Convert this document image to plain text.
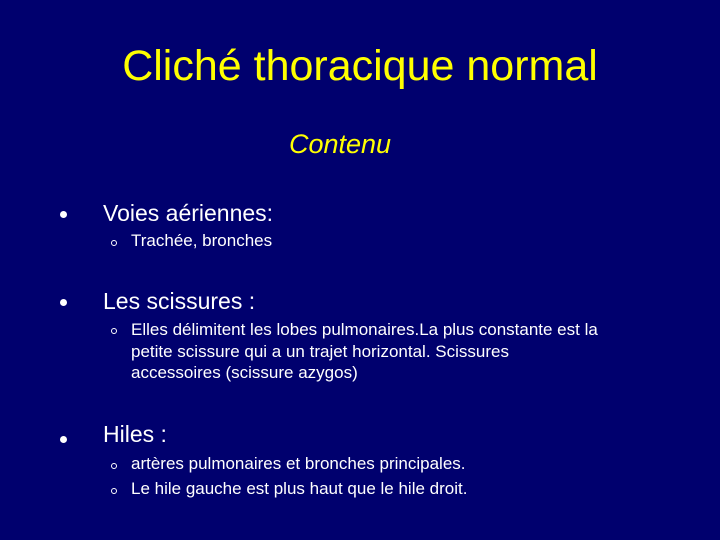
Cliché thoracique normal
Contenu
Voies aériennes:
Trachée, bronches
Les scissures :
Elles délimitent les lobes pulmonaires.La plus constante est la petite scissure qui a un trajet horizontal. Scissures accessoires (scissure azygos)
Hiles :
artères pulmonaires et bronches principales.
Le hile gauche est plus haut que le hile droit.
